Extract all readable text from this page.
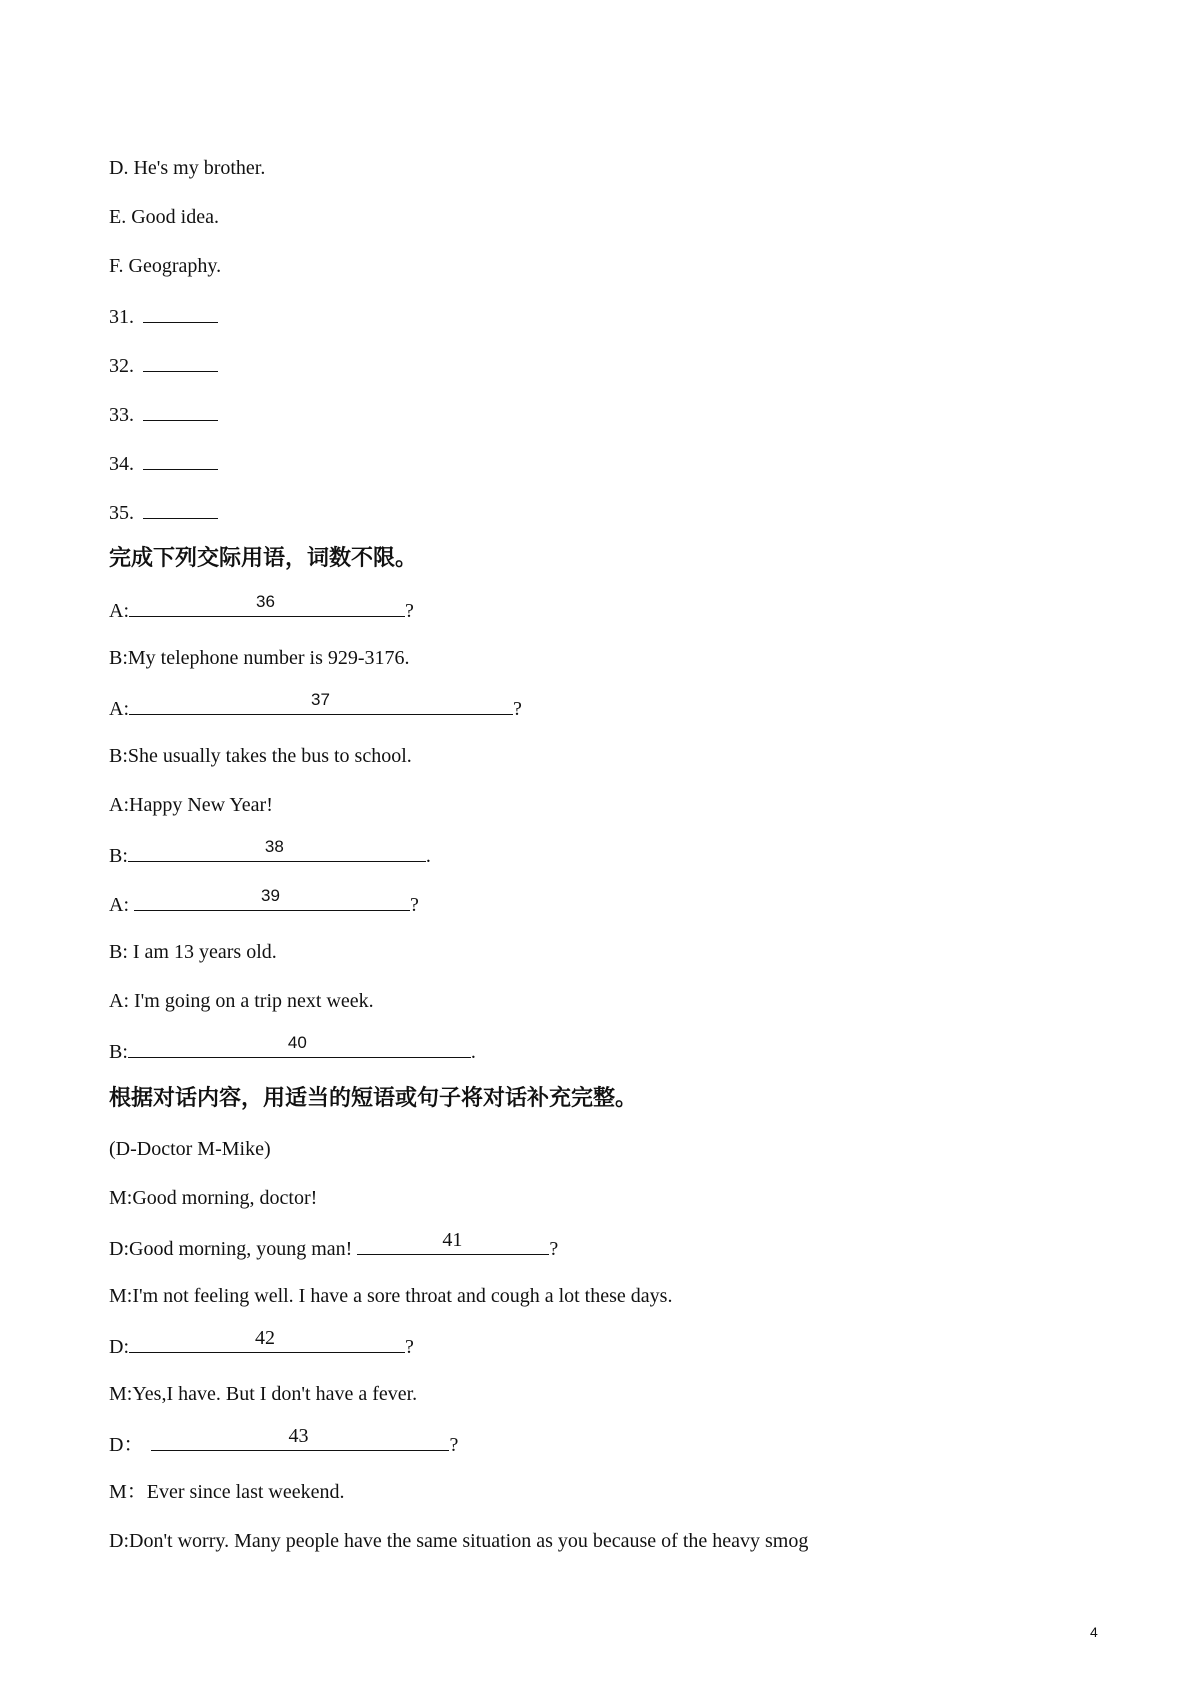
D. He's my brother.
E. Good idea.
F. Geography.
31.
32.
33.
34.
35.
完成下列交际用语，词数不限。
A:	36	?
B:My telephone number is 929-3176.
A:	37	?
B:She usually takes the bus to school.
A:Happy New Year!
B:	38	.
A:	39	?
B: I am 13 years old.
A: I'm going on a trip next week.
B:	40	.
根据对话内容，用适当的短语或句子将对话补充完整。
(D-Doctor M-Mike)
M:Good morning, doctor!
D:Good morning, young man!	41	?
M:I'm not feeling well. I have a sore throat and cough a lot these days.
D:	42	?
M:Yes,I have. But I don't have a fever.
D：	43	?
M：Ever since last weekend.
D:Don't worry. Many people have the same situation as you because of the heavy smog
4
